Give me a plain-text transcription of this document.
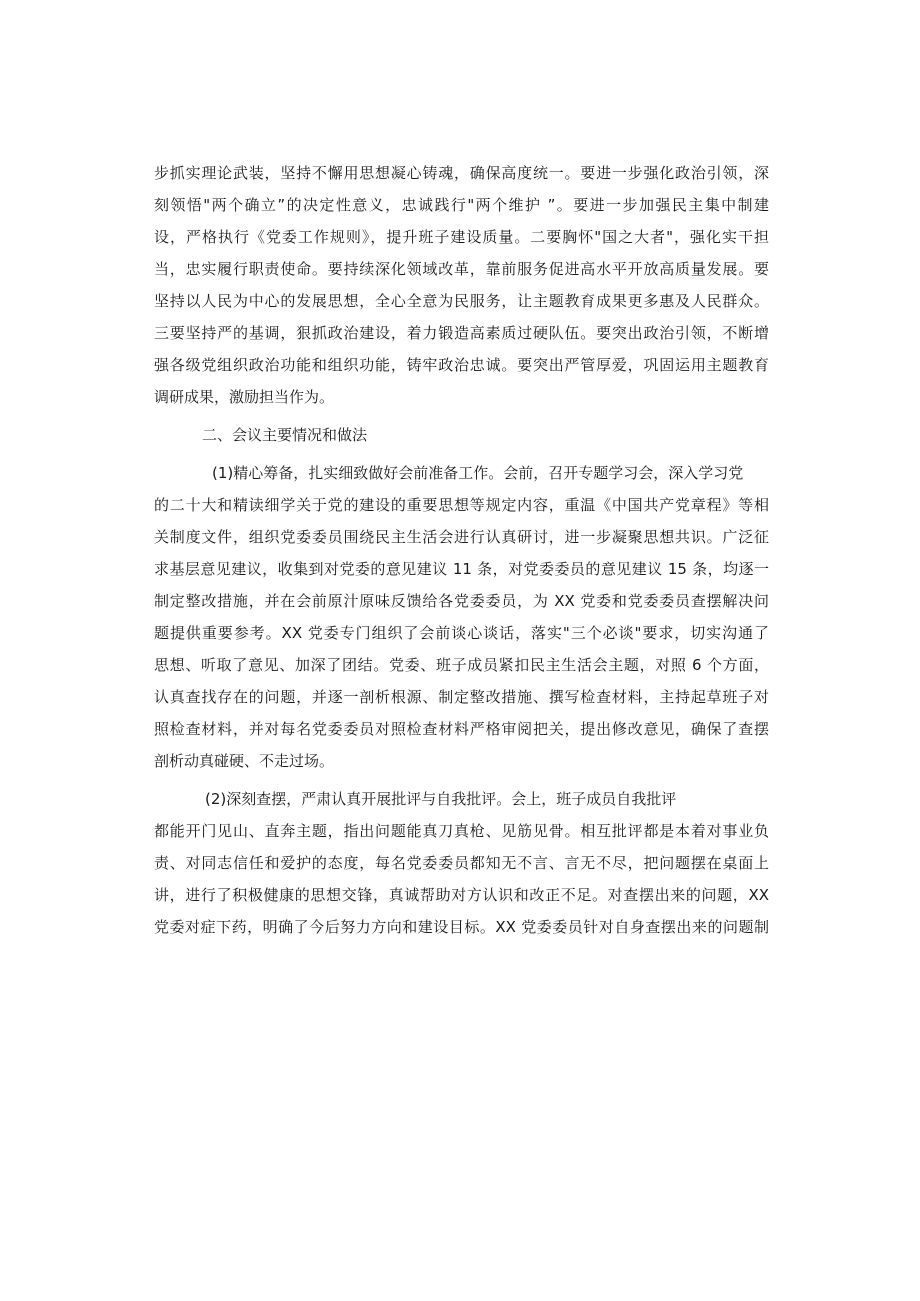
步抓实理论武装，坚持不懈用思想凝心铸魂，确保高度统一。要进一步强化政治引领，深
刻领悟"两个确立”的决定性意义，忠诚践行"两个维护 ”。要进一步加强民主集中制建
设，严格执行《党委工作规则》，提升班子建设质量。二要胸怀"国之大者"，强化实干担
当，忠实履行职责使命。要持续深化领域改革，靠前服务促进高水平开放高质量发展。要
坚持以人民为中心的发展思想，全心全意为民服务，让主题教育成果更多惠及人民群众。
三要坚持严的基调，狠抓政治建设，着力锻造高素质过硬队伍。要突出政治引领，不断增
强各级党组织政治功能和组织功能，铸牢政治忠诚。要突出严管厚爱，巩固运用主题教育
调研成果，激励担当作为。
二、会议主要情况和做法
(1)精心筹备，扎实细致做好会前准备工作。会前，召开专题学习会，深入学习党
的二十大和精读细学关于党的建设的重要思想等规定内容，重温《中国共产党章程》等相
关制度文件，组织党委委员围绕民主生活会进行认真研讨，进一步凝聚思想共识。广泛征
求基层意见建议，收集到对党委的意见建议 11 条，对党委委员的意见建议 15 条，均逐一
制定整改措施，并在会前原汁原味反馈给各党委委员，为 XX 党委和党委委员查摆解决问
题提供重要参考。XX 党委专门组织了会前谈心谈话，落实"三个必谈"要求，切实沟通了
思想、听取了意见、加深了团结。党委、班子成员紧扣民主生活会主题，对照 6 个方面，
认真查找存在的问题，并逐一剖析根源、制定整改措施、撰写检查材料，主持起草班子对
照检查材料，并对每名党委委员对照检查材料严格审阅把关，提出修改意见，确保了查摆
剖析动真碰硬、不走过场。
(2)深刻查摆，严肃认真开展批评与自我批评。会上，班子成员自我批评
都能开门见山、直奔主题，指出问题能真刀真枪、见筋见骨。相互批评都是本着对事业负
责、对同志信任和爱护的态度，每名党委委员都知无不言、言无不尽，把问题摆在桌面上
讲，进行了积极健康的思想交锋，真诚帮助对方认识和改正不足。对查摆出来的问题，XX
党委对症下药，明确了今后努力方向和建设目标。XX 党委委员针对自身查摆出来的问题制
